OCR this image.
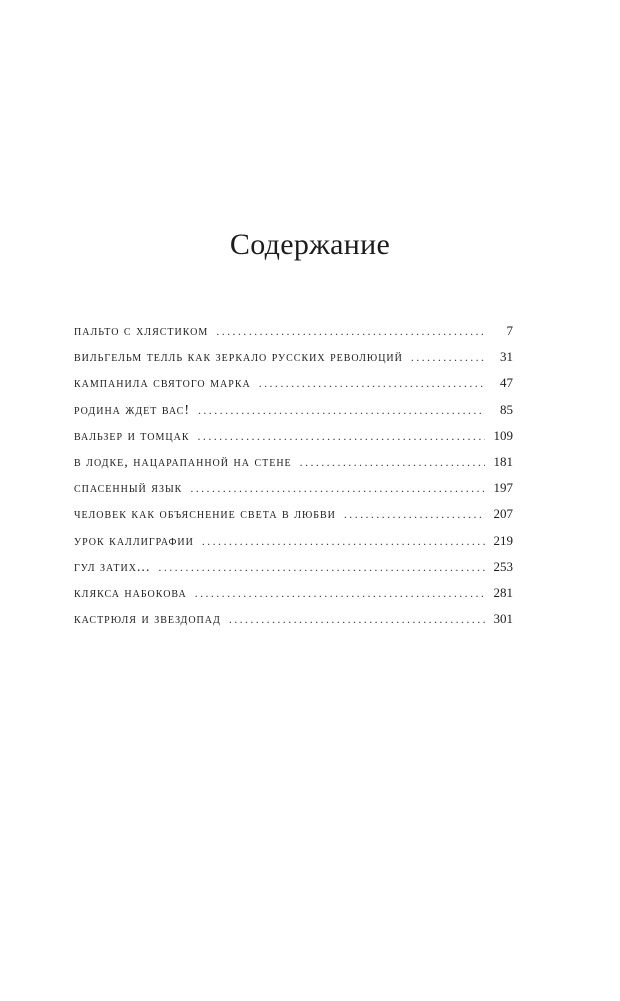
Содержание
пальто с хлястиком .....	7
вильгельм телль как зеркало русских революций .....	31
кампанила святого марка .....	47
родина ждет вас! .....	85
вальзер и томцак .....	109
в лодке, нацарапанной на стене .....	181
спасенный язык .....	197
человек как объяснение света в любви .....	207
урок каллиграфии .....	219
гул затих... .....	253
клякса набокова .....	281
кастрюля и звездопад .....	301
